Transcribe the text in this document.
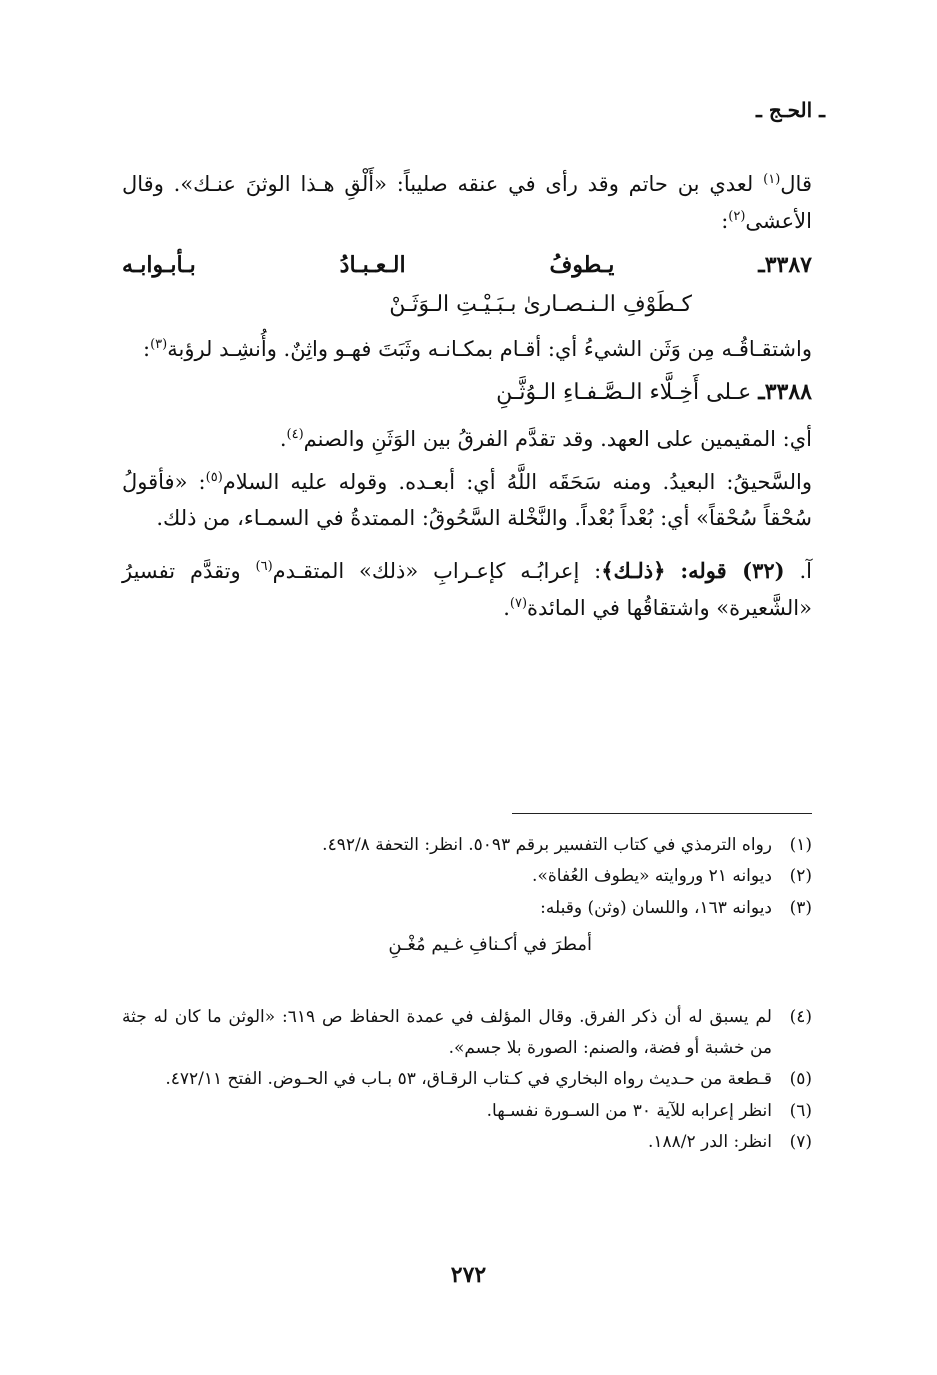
ـ الحـج ـ

قال$^{(١)}$ لعدي بن حاتم وقد رأى في عنقه صليباً: «أَلْقِ هـذا الوثنَ عنـك». وقال الأعشى$^{(٢)}$:

٣٣٨٧ـ
يـطوفُ
الـعـبـادُ
بـأبـوابـه
كـطَوْفِ الـنـصـارىٰ بـبَـيْـتِ الـوَثَـنْ

واشتقـاقُـه مِن وَثَن الشيءُ أي: أقـام بمكـانـه وثَبَتَ فهـو واثِنٌ. وأُنشِـد لرؤبة$^{(٣)}$:

٣٣٨٨ـ عـلى أَخِـلَّاء الـصَّـفـاءِ الـوُثَّـنِ

أي: المقيمين على العهد. وقد تقدَّم الفرقُ بين الوَثَنِ والصنم$^{(٤)}$.

والسَّحيقُ: البعيدُ. ومنه سَحَقَه اللَّهُ أي: أبعـده. وقوله عليه السلام$^{(٥)}$: «فأقولُ سُحْقاً سُحْقاً» أي: بُعْداً بُعْداً. والنَّخْلة السَّحُوقُ: الممتدةُ في السمـاء، من ذلك.

آ. (٣٢) قوله: ﴿ذلـك﴾: إعرابُـه كإعـرابِ «ذلك» المتقـدم$^{(٦)}$ وتقدَّم تفسيرُ «الشَّعيرة» واشتقاقُها في المائدة$^{(٧)}$.

(١)
رواه الترمذي في كتاب التفسير برقم ٥٠٩٣. انظر: التحفة ٤٩٢/٨.
(٢)
ديوانه ٢١ وروايته «يطوف العُفاة».
(٣)
ديوانه ١٦٣، واللسان (وثن) وقبله:
أمطرَ في أكـنافِ غـيم مُغْـنِ
(٤)
لم يسبق له أن ذكر الفرق. وقال المؤلف في عمدة الحفاظ ص ٦١٩: «الوثن ما كان له جثة من خشبة أو فضة، والصنم: الصورة بلا جسم».
(٥)
قـطعة من حـديث رواه البخاري في كـتاب الرقـاق، ٥٣ بـاب في الحـوض. الفتح ٤٧٢/١١.
(٦)
انظر إعرابه للآية ٣٠ من السـورة نفسـها.
(٧)
انظر: الدر ١٨٨/٢.
٢٧٢
